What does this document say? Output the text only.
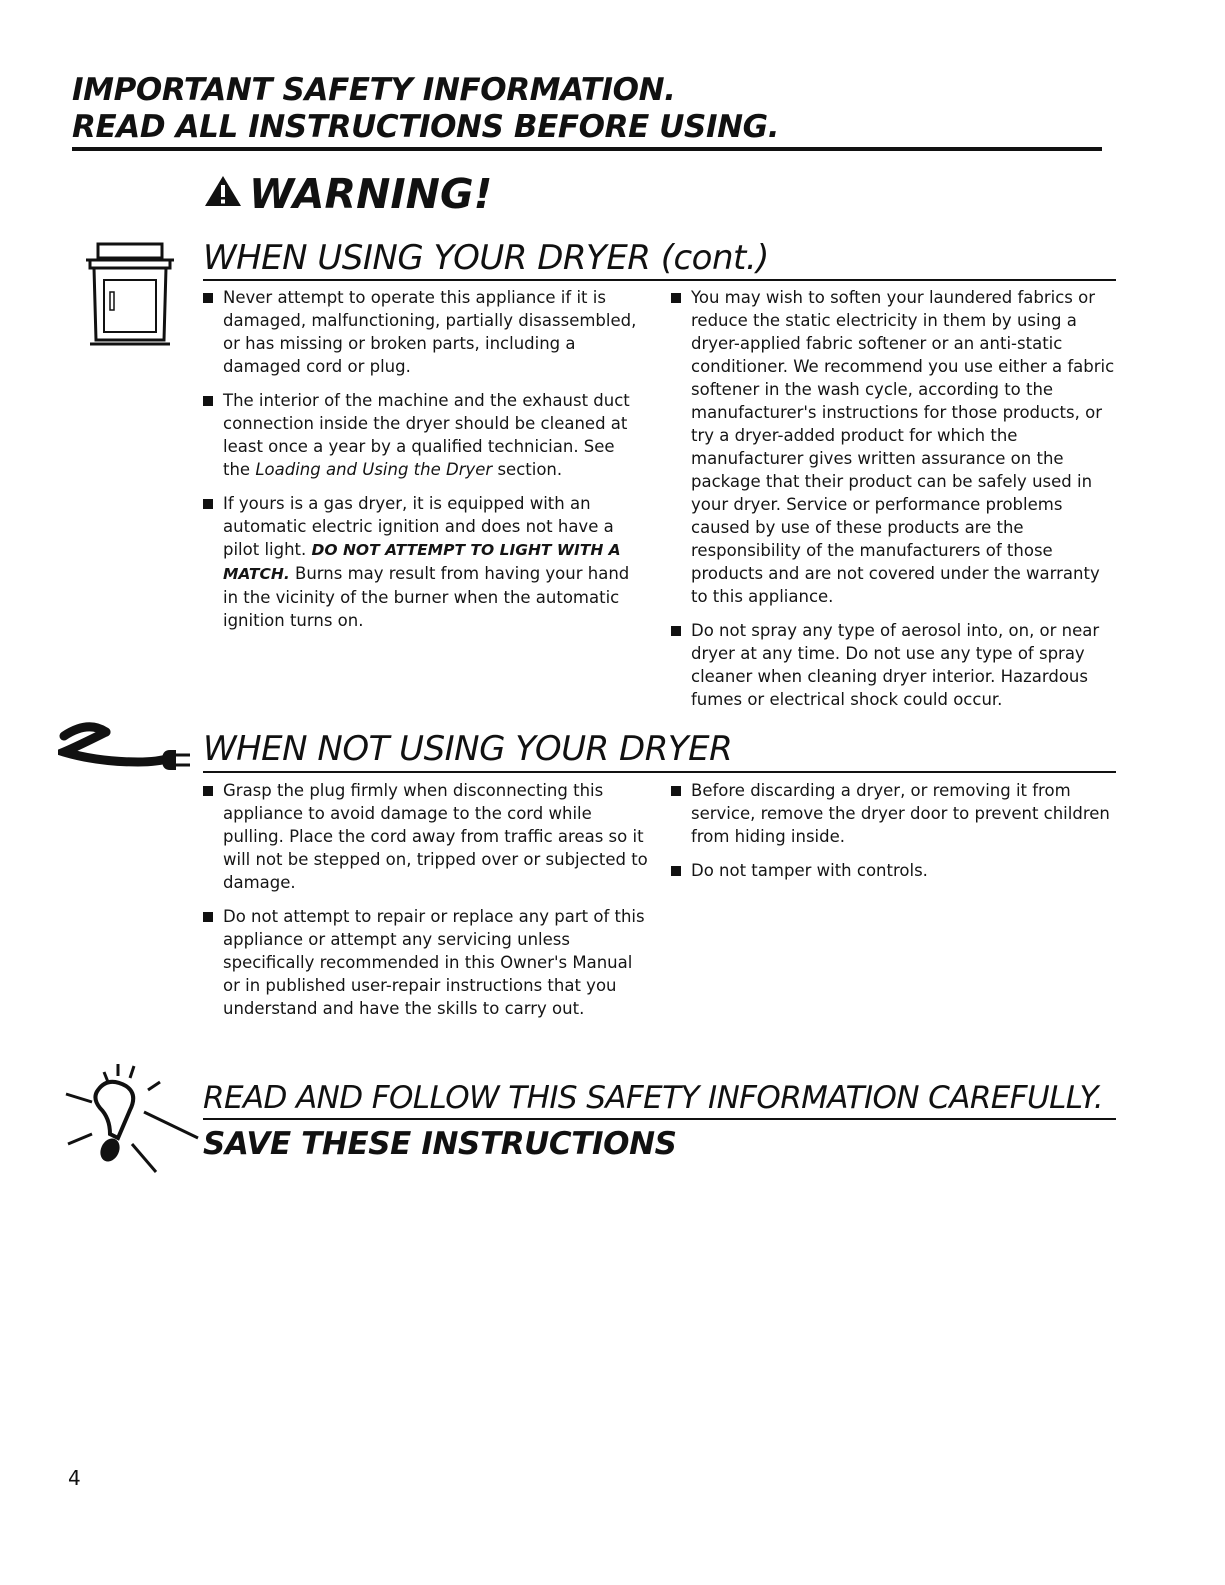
IMPORTANT SAFETY INFORMATION.
READ ALL INSTRUCTIONS BEFORE USING.
WARNING!
WHEN USING YOUR DRYER (cont.)
Never attempt to operate this appliance if it is damaged, malfunctioning, partially disassembled, or has missing or broken parts, including a damaged cord or plug.
The interior of the machine and the exhaust duct connection inside the dryer should be cleaned at least once a year by a qualified technician. See the Loading and Using the Dryer section.
If yours is a gas dryer, it is equipped with an automatic electric ignition and does not have a pilot light. DO NOT ATTEMPT TO LIGHT WITH A MATCH. Burns may result from having your hand in the vicinity of the burner when the automatic ignition turns on.
You may wish to soften your laundered fabrics or reduce the static electricity in them by using a dryer-applied fabric softener or an anti-static conditioner. We recommend you use either a fabric softener in the wash cycle, according to the manufacturer's instructions for those products, or try a dryer-added product for which the manufacturer gives written assurance on the package that their product can be safely used in your dryer. Service or performance problems caused by use of these products are the responsibility of the manufacturers of those products and are not covered under the warranty to this appliance.
Do not spray any type of aerosol into, on, or near dryer at any time. Do not use any type of spray cleaner when cleaning dryer interior. Hazardous fumes or electrical shock could occur.
WHEN NOT USING YOUR DRYER
Grasp the plug firmly when disconnecting this appliance to avoid damage to the cord while pulling. Place the cord away from traffic areas so it will not be stepped on, tripped over or subjected to damage.
Do not attempt to repair or replace any part of this appliance or attempt any servicing unless specifically recommended in this Owner's Manual or in published user-repair instructions that you understand and have the skills to carry out.
Before discarding a dryer, or removing it from service, remove the dryer door to prevent children from hiding inside.
Do not tamper with controls.
READ AND FOLLOW THIS SAFETY INFORMATION CAREFULLY.
SAVE THESE INSTRUCTIONS
4
